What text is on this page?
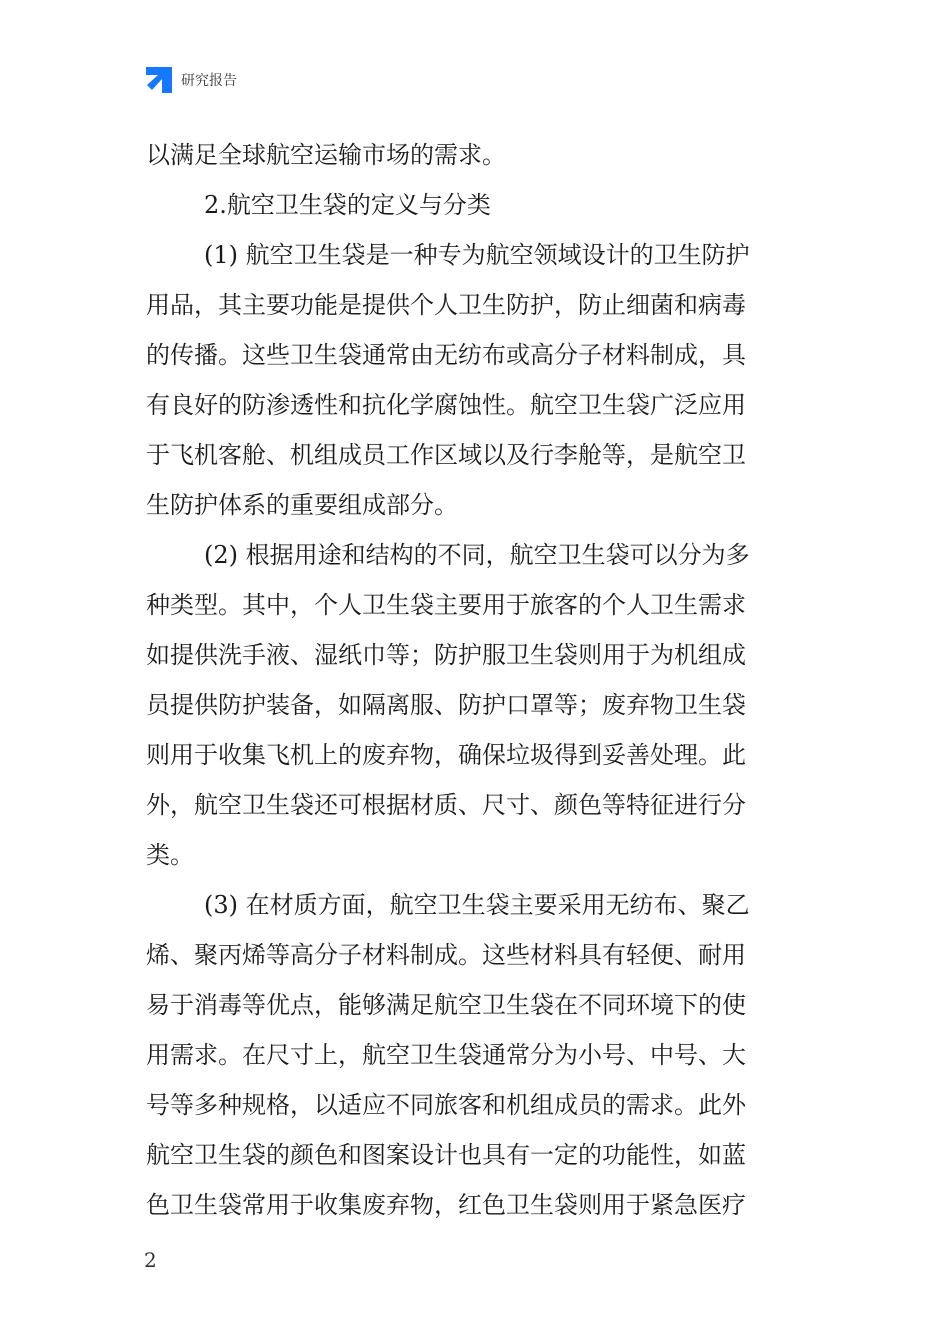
研究报告
以满足全球航空运输市场的需求。
2.航空卫生袋的定义与分类
(1) 航空卫生袋是一种专为航空领域设计的卫生防护
用品，其主要功能是提供个人卫生防护，防止细菌和病毒
的传播。这些卫生袋通常由无纺布或高分子材料制成，具
有良好的防渗透性和抗化学腐蚀性。航空卫生袋广泛应用
于飞机客舱、机组成员工作区域以及行李舱等，是航空卫
生防护体系的重要组成部分。
(2) 根据用途和结构的不同，航空卫生袋可以分为多
种类型。其中，个人卫生袋主要用于旅客的个人卫生需求
如提供洗手液、湿纸巾等；防护服卫生袋则用于为机组成
员提供防护装备，如隔离服、防护口罩等；废弃物卫生袋
则用于收集飞机上的废弃物，确保垃圾得到妥善处理。此
外，航空卫生袋还可根据材质、尺寸、颜色等特征进行分
类。
(3) 在材质方面，航空卫生袋主要采用无纺布、聚乙
烯、聚丙烯等高分子材料制成。这些材料具有轻便、耐用
易于消毒等优点，能够满足航空卫生袋在不同环境下的使
用需求。在尺寸上，航空卫生袋通常分为小号、中号、大
号等多种规格，以适应不同旅客和机组成员的需求。此外
航空卫生袋的颜色和图案设计也具有一定的功能性，如蓝
色卫生袋常用于收集废弃物，红色卫生袋则用于紧急医疗
2
